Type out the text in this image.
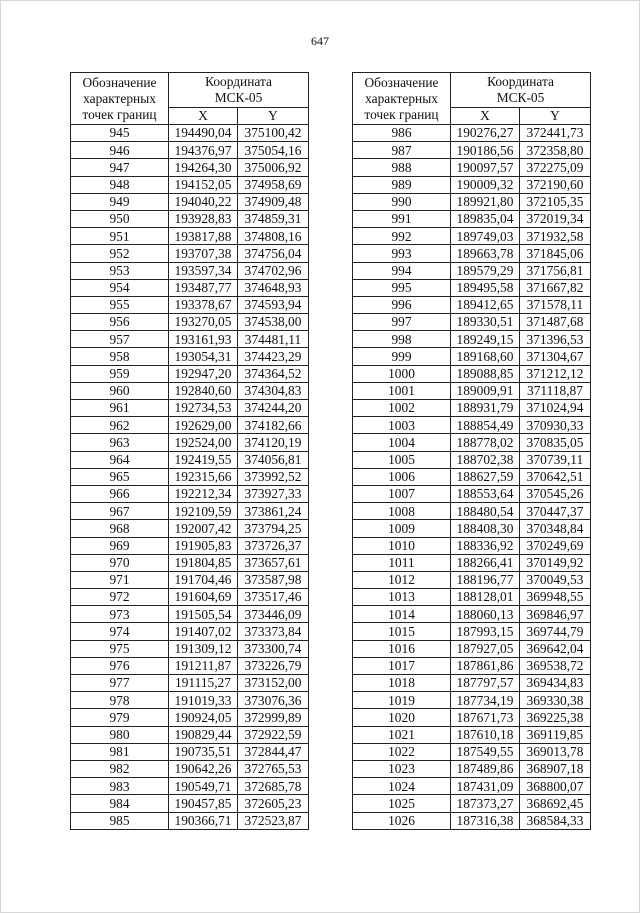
647
Обозначение
характерных
точек границ	Координата
МСК-05	
	X	Y
945	194490,04	375100,42
946	194376,97	375054,16
947	194264,30	375006,92
948	194152,05	374958,69
949	194040,22	374909,48
950	193928,83	374859,31
951	193817,88	374808,16
952	193707,38	374756,04
953	193597,34	374702,96
954	193487,77	374648,93
955	193378,67	374593,94
956	193270,05	374538,00
957	193161,93	374481,11
958	193054,31	374423,29
959	192947,20	374364,52
960	192840,60	374304,83
961	192734,53	374244,20
962	192629,00	374182,66
963	192524,00	374120,19
964	192419,55	374056,81
965	192315,66	373992,52
966	192212,34	373927,33
967	192109,59	373861,24
968	192007,42	373794,25
969	191905,83	373726,37
970	191804,85	373657,61
971	191704,46	373587,98
972	191604,69	373517,46
973	191505,54	373446,09
974	191407,02	373373,84
975	191309,12	373300,74
976	191211,87	373226,79
977	191115,27	373152,00
978	191019,33	373076,36
979	190924,05	372999,89
980	190829,44	372922,59
981	190735,51	372844,47
982	190642,26	372765,53
983	190549,71	372685,78
984	190457,85	372605,23
985	190366,71	372523,87
Обозначение
характерных
точек границ	Координата
МСК-05	
	X	Y
986	190276,27	372441,73
987	190186,56	372358,80
988	190097,57	372275,09
989	190009,32	372190,60
990	189921,80	372105,35
991	189835,04	372019,34
992	189749,03	371932,58
993	189663,78	371845,06
994	189579,29	371756,81
995	189495,58	371667,82
996	189412,65	371578,11
997	189330,51	371487,68
998	189249,15	371396,53
999	189168,60	371304,67
1000	189088,85	371212,12
1001	189009,91	371118,87
1002	188931,79	371024,94
1003	188854,49	370930,33
1004	188778,02	370835,05
1005	188702,38	370739,11
1006	188627,59	370642,51
1007	188553,64	370545,26
1008	188480,54	370447,37
1009	188408,30	370348,84
1010	188336,92	370249,69
1011	188266,41	370149,92
1012	188196,77	370049,53
1013	188128,01	369948,55
1014	188060,13	369846,97
1015	187993,15	369744,79
1016	187927,05	369642,04
1017	187861,86	369538,72
1018	187797,57	369434,83
1019	187734,19	369330,38
1020	187671,73	369225,38
1021	187610,18	369119,85
1022	187549,55	369013,78
1023	187489,86	368907,18
1024	187431,09	368800,07
1025	187373,27	368692,45
1026	187316,38	368584,33
